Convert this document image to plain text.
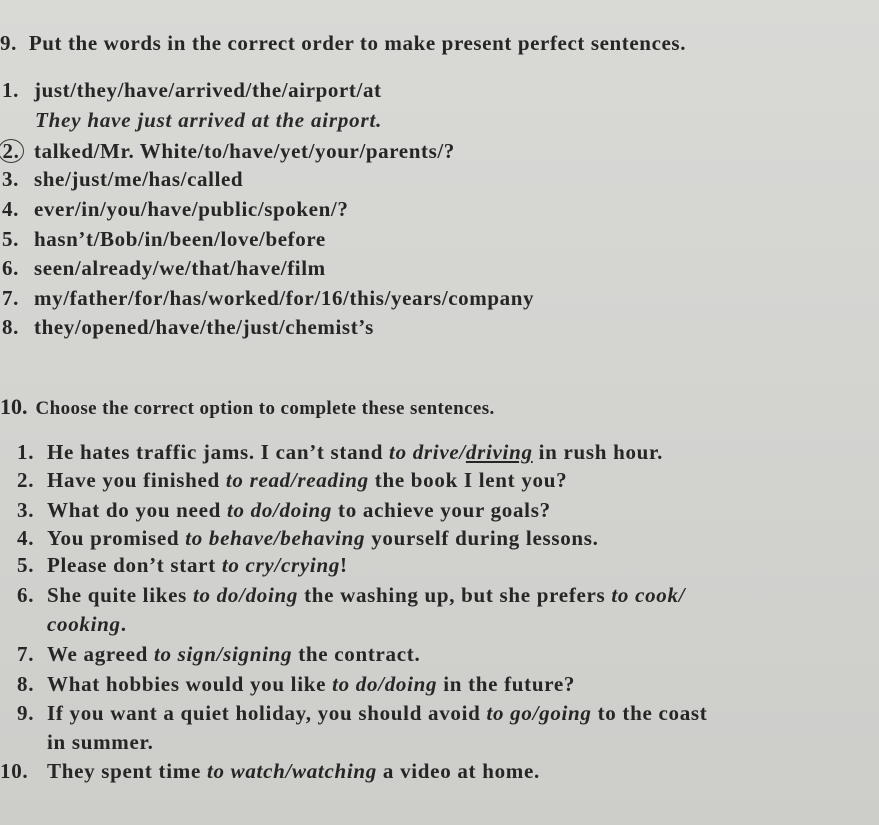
9. Put the words in the correct order to make present perfect sentences.
1. just/they/have/arrived/the/airport/at
They have just arrived at the airport.
2. talked/Mr. White/to/have/yet/your/parents/?
3. she/just/me/has/called
4. ever/in/you/have/public/spoken/?
5. hasn’t/Bob/in/been/love/before
6. seen/already/we/that/have/film
7. my/father/for/has/worked/for/16/this/years/company
8. they/opened/have/the/just/chemist’s
10. Choose the correct option to complete these sentences.
1. He hates traffic jams. I can’t stand to drive/driving in rush hour.
2. Have you finished to read/reading the book I lent you?
3. What do you need to do/doing to achieve your goals?
4. You promised to behave/behaving yourself during lessons.
5. Please don’t start to cry/crying!
6. She quite likes to do/doing the washing up, but she prefers to cook/
cooking.
7. We agreed to sign/signing the contract.
8. What hobbies would you like to do/doing in the future?
9. If you want a quiet holiday, you should avoid to go/going to the coast
in summer.
10. They spent time to watch/watching a video at home.
